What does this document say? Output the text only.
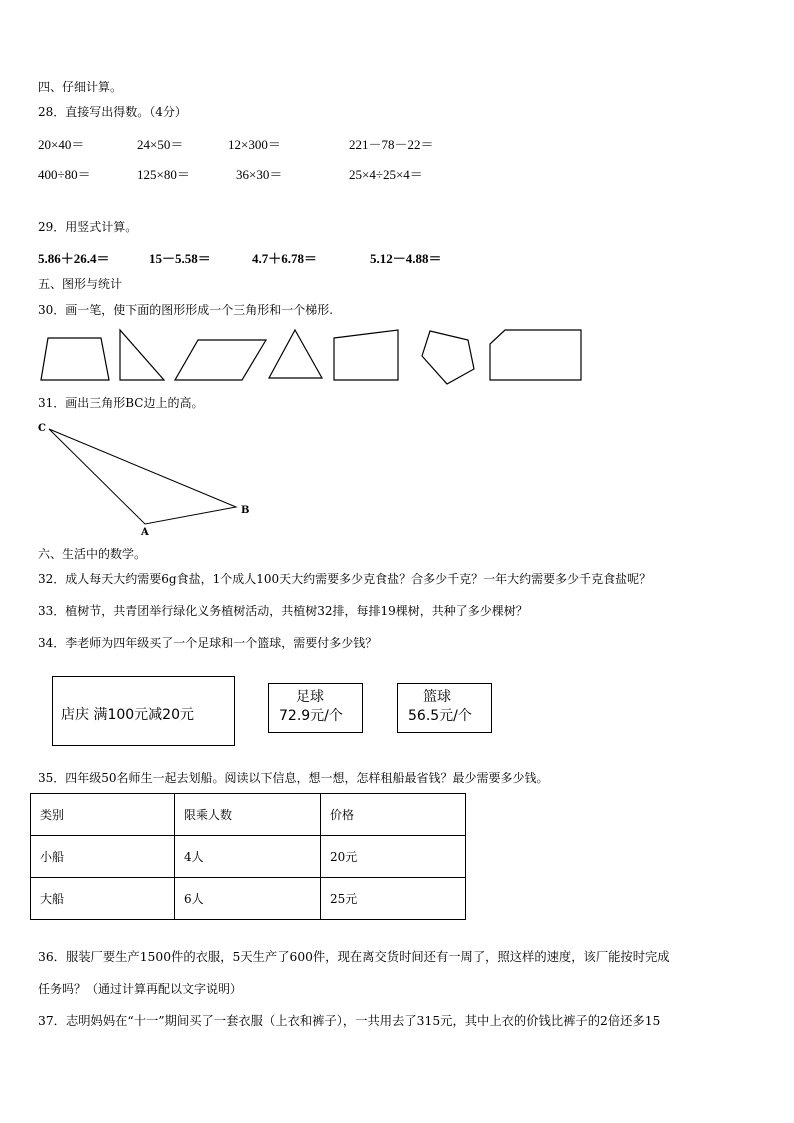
四、仔细计算。
28．直接写出得数。（4分）
20×40＝	24×50＝	12×300＝	221－78－22＝
400÷80＝	125×80＝	36×30＝	25×4÷25×4＝
29．用竖式计算。
5.86＋26.4＝	15－5.58＝	4.7＋6.78＝	5.12－4.88＝
五、图形与统计
30．画一笔，使下面的图形形成一个三角形和一个梯形.
31．画出三角形BC边上的高。
C
B
A
六、生活中的数学。
32．成人每天大约需要6g食盐，1个成人100天大约需要多少克食盐？合多少千克？一年大约需要多少千克食盐呢？
33．植树节，共青团举行绿化义务植树活动，共植树32排，每排19棵树，共种了多少棵树？
34．李老师为四年级买了一个足球和一个篮球，需要付多少钱？
店庆 满100元减20元
足球
72.9元/个
篮球
56.5元/个
35．四年级50名师生一起去划船。阅读以下信息，想一想，怎样租船最省钱？最少需要多少钱。
类别	限乘人数	价格
小船	4人	20元
大船	6人	25元
36．服装厂要生产1500件的衣服，5天生产了600件，现在离交货时间还有一周了，照这样的速度，该厂能按时完成
任务吗？（通过计算再配以文字说明）
37．志明妈妈在“十一”期间买了一套衣服（上衣和裤子），一共用去了315元，其中上衣的价钱比裤子的2倍还多15
